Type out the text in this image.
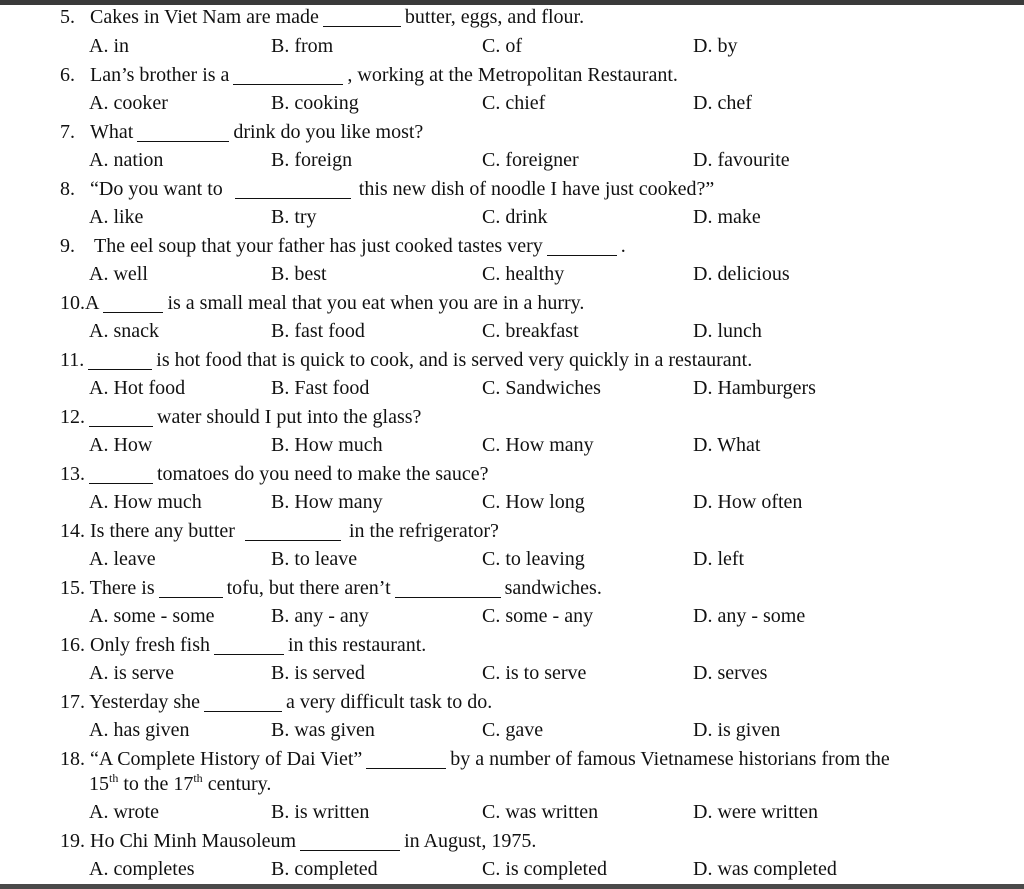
5. Cakes in Viet Nam are made	butter, eggs, and flour.
A. in	B. from	C. of	D. by
6. Lan’s brother is a	, working at the Metropolitan Restaurant.
A. cooker	B. cooking	C. chief	D. chef
7. What	drink do you like most?
A. nation	B. foreign	C. foreigner	D. favourite
8. “Do you want to	this new dish of noodle I have just cooked?”
A. like	B. try	C. drink	D. make
9. The eel soup that your father has just cooked tastes very	.
A. well	B. best	C. healthy	D. delicious
10.A	is a small meal that you eat when you are in a hurry.
A. snack	B. fast food	C. breakfast	D. lunch
11.	is hot food that is quick to cook, and is served very quickly in a restaurant.
A. Hot food	B. Fast food	C. Sandwiches	D. Hamburgers
12.	water should I put into the glass?
A. How	B. How much	C. How many	D. What
13.	tomatoes do you need to make the sauce?
A. How much	B. How many	C. How long	D. How often
14. Is there any butter	in the refrigerator?
A. leave	B. to leave	C. to leaving	D. left
15. There is	tofu, but there aren’t	sandwiches.
A. some - some	B. any - any	C. some - any	D. any - some
16. Only fresh fish	in this restaurant.
A. is serve	B. is served	C. is to serve	D. serves
17. Yesterday she	a very difficult task to do.
A. has given	B. was given	C. gave	D. is given
18. “A Complete History of Dai Viet”	by a number of famous Vietnamese historians from the
15th to the 17th century.
A. wrote	B. is written	C. was written	D. were written
19. Ho Chi Minh Mausoleum	in August, 1975.
A. completes	B. completed	C. is completed	D. was completed
